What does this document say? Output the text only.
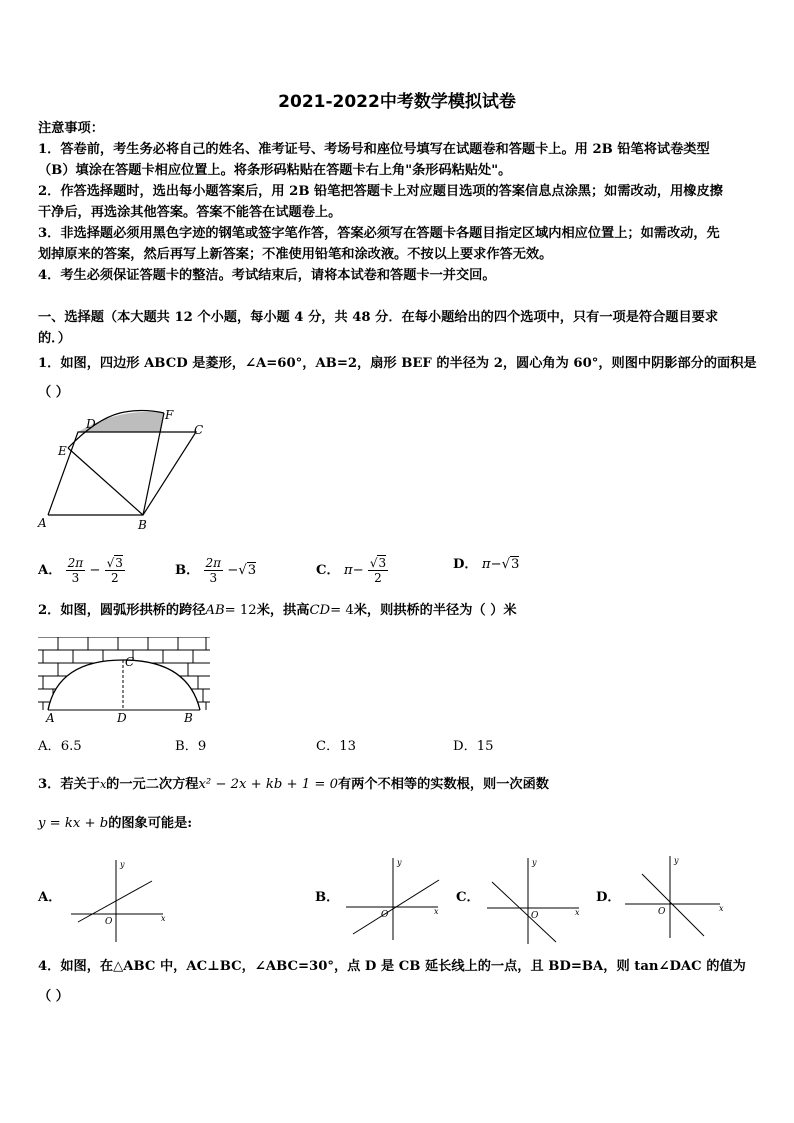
2021-2022中考数学模拟试卷
注意事项：
1．答卷前，考生务必将自己的姓名、准考证号、考场号和座位号填写在试题卷和答题卡上。用 2B 铅笔将试卷类型
（B）填涂在答题卡相应位置上。将条形码粘贴在答题卡右上角"条形码粘贴处"。
2．作答选择题时，选出每小题答案后，用 2B 铅笔把答题卡上对应题目选项的答案信息点涂黑；如需改动，用橡皮擦
干净后，再选涂其他答案。答案不能答在试题卷上。
3．非选择题必须用黑色字迹的钢笔或签字笔作答，答案必须写在答题卡各题目指定区域内相应位置上；如需改动，先
划掉原来的答案，然后再写上新答案；不准使用铅笔和涂改液。不按以上要求作答无效。
4．考生必须保证答题卡的整洁。考试结束后，请将本试卷和答题卡一并交回。
一、选择题（本大题共 12 个小题，每小题 4 分，共 48 分．在每小题给出的四个选项中，只有一项是符合题目要求
的．）
1．如图，四边形 ABCD 是菱形，∠A=60°，AB=2，扇形 BEF 的半径为 2，圆心角为 60°，则图中阴影部分的面积是
（ ）
A	B
C
D
E
F
A． $\frac{2\pi}{3} - \frac{√3}{2}$	B． $\frac{2\pi}{3} -√3$	C． $\pi- \frac{√3}{2}$	D． π−√3
2．如图，圆弧形拱桥的跨径AB= 12米，拱高CD= 4米，则拱桥的半径为（ ）米
A	D	B
C
A．6.5	B．9	C．13	D．15
3．若关于$^x$的一元二次方程x² − 2x + kb + 1 = 0有两个不相等的实数根，则一次函数
y = kx + b的图象可能是:
A．
y
x
O
B．
y
x
O
C．
y
x
O
D．
y
x
O
4．如图，在△ABC 中，AC⊥BC，∠ABC=30°，点 D 是 CB 延长线上的一点，且 BD=BA，则 tan∠DAC 的值为
（ ）
